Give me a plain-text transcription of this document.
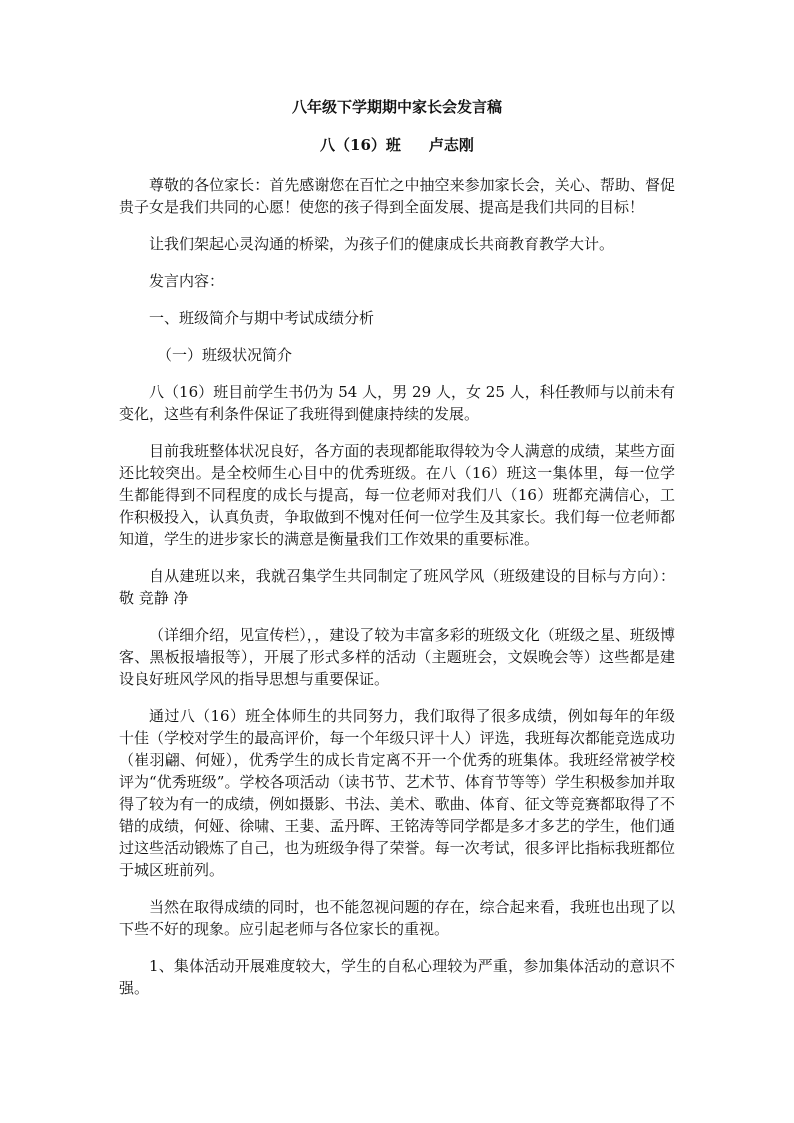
八年级下学期期中家长会发言稿
八（16）班 卢志刚

尊敬的各位家长：首先感谢您在百忙之中抽空来参加家长会，关心、帮助、督促贵子女是我们共同的心愿！使您的孩子得到全面发展、提高是我们共同的目标！

让我们架起心灵沟通的桥梁，为孩子们的健康成长共商教育教学大计。

发言内容：

一、班级简介与期中考试成绩分析

（一）班级状况简介

八（16）班目前学生书仍为 54 人，男 29 人，女 25 人，科任教师与以前未有变化，这些有利条件保证了我班得到健康持续的发展。

目前我班整体状况良好，各方面的表现都能取得较为令人满意的成绩，某些方面还比较突出。是全校师生心目中的优秀班级。在八（16）班这一集体里，每一位学生都能得到不同程度的成长与提高，每一位老师对我们八（16）班都充满信心，工作积极投入，认真负责，争取做到不愧对任何一位学生及其家长。我们每一位老师都知道，学生的进步家长的满意是衡量我们工作效果的重要标准。

自从建班以来，我就召集学生共同制定了班风学风（班级建设的目标与方向）： 敬 竞静 净

（详细介绍，见宣传栏），，建设了较为丰富多彩的班级文化（班级之星、班级博客、黑板报墙报等），开展了形式多样的活动（主题班会，文娱晚会等）这些都是建设良好班风学风的指导思想与重要保证。

通过八（16）班全体师生的共同努力，我们取得了很多成绩，例如每年的年级十佳（学校对学生的最高评价，每一个年级只评十人）评选，我班每次都能竞选成功（崔羽翩、何娅），优秀学生的成长肯定离不开一个优秀的班集体。我班经常被学校评为“优秀班级”。学校各项活动（读书节、艺术节、体育节等等）学生积极参加并取得了较为有一的成绩，例如摄影、书法、美术、歌曲、体育、征文等竞赛都取得了不错的成绩，何娅、徐啸、王婓、孟丹晖、王铭涛等同学都是多才多艺的学生，他们通过这些活动锻炼了自己，也为班级争得了荣誉。每一次考试，很多评比指标我班都位于城区班前列。

当然在取得成绩的同时，也不能忽视问题的存在，综合起来看，我班也出现了以下些不好的现象。应引起老师与各位家长的重视。

1、集体活动开展难度较大，学生的自私心理较为严重，参加集体活动的意识不强。
